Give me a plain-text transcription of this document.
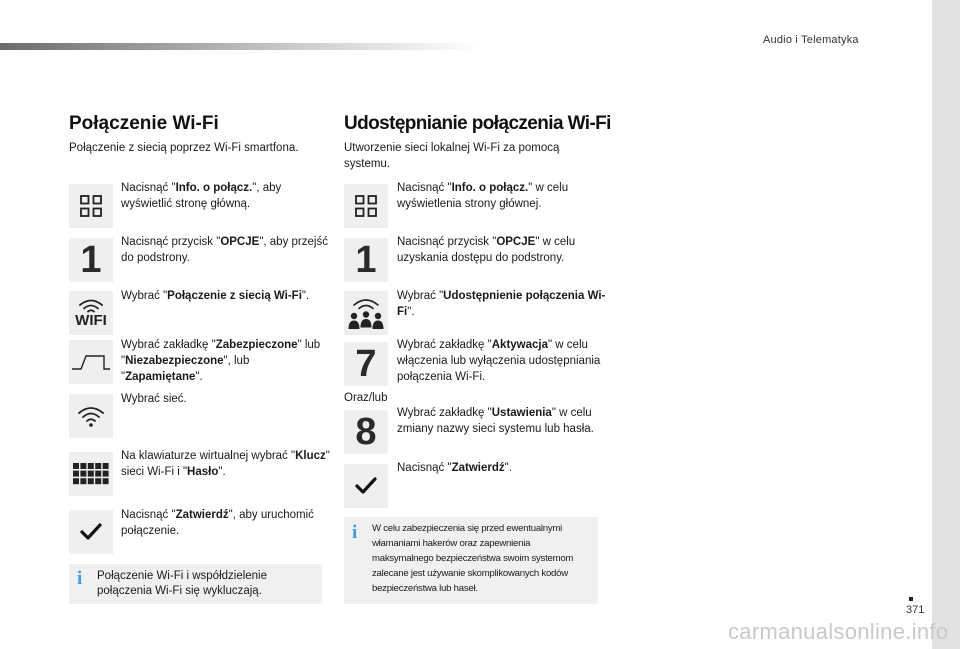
Audio i Telematyka
371
carmanualsonline.info
Połączenie Wi-Fi

Połączenie z siecią poprzez Wi-Fi smartfona.

Nacisnąć "Info. o połącz.", aby wyświetlić stronę główną.

1 Nacisnąć przycisk "OPCJE", aby przejść do podstrony.

WIFI

Wybrać "Połączenie z siecią Wi-Fi".

Wybrać zakładkę "Zabezpieczone" lub "Niezabezpieczone", lub "Zapamiętane".

Wybrać sieć.

Na klawiaturze wirtualnej wybrać "Klucz" sieci Wi-Fi i "Hasło".

Nacisnąć "Zatwierdź", aby uruchomić połączenie.

i Połączenie Wi-Fi i współdzielenie połączenia Wi-Fi się wykluczają.
Udostępnianie połączenia Wi-Fi

Utworzenie sieci lokalnej Wi-Fi za pomocą systemu.

Nacisnąć "Info. o połącz." w celu wyświetlenia strony głównej.

1 Nacisnąć przycisk "OPCJE" w celu uzyskania dostępu do podstrony.

Wybrać "Udostępnienie połączenia Wi-Fi".

7 Wybrać zakładkę "Aktywacja" w celu włączenia lub wyłączenia udostępniania połączenia Wi-Fi.

Oraz/lub
8 Wybrać zakładkę "Ustawienia" w celu zmiany nazwy sieci systemu lub hasła.

Nacisnąć "Zatwierdź".

i W celu zabezpieczenia się przed ewentualnymi włamaniami hakerów oraz zapewnienia maksymalnego bezpieczeństwa swoim systemom zalecane jest używanie skomplikowanych kodów bezpieczeństwa lub haseł.
